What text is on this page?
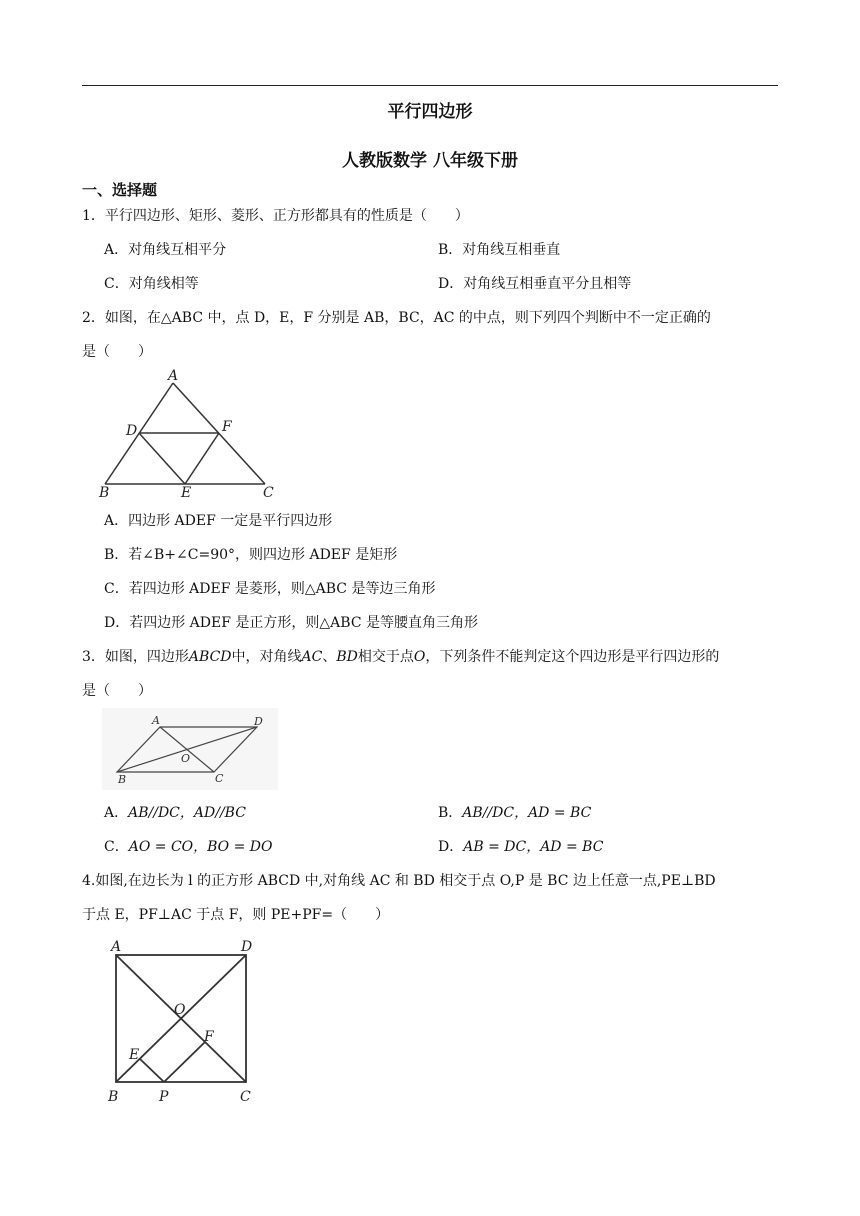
平行四边形
人教版数学 八年级下册
一、选择题
1．平行四边形、矩形、菱形、正方形都具有的性质是（　　）
A．对角线互相平分	B．对角线互相垂直
C．对角线相等	D．对角线互相垂直平分且相等
2．如图，在△ABC 中，点 D，E，F 分别是 AB，BC，AC 的中点，则下列四个判断中不一定正确的
是（　　）
A
D	F
B	E	C
A．四边形 ADEF 一定是平行四边形
B．若∠B+∠C=90°，则四边形 ADEF 是矩形
C．若四边形 ADEF 是菱形，则△ABC 是等边三角形
D．若四边形 ADEF 是正方形，则△ABC 是等腰直角三角形
3．如图，四边形ABCD中，对角线AC、BD相交于点O，下列条件不能判定这个四边形是平行四边形的
是（　　）
A	D
O
B	C
A．AB//DC，AD//BC	B．AB//DC，AD = BC
C．AO = CO，BO = DO	D．AB = DC，AD = BC
4.如图,在边长为 l 的正方形 ABCD 中,对角线 AC 和 BD 相交于点 O,P 是 BC 边上任意一点,PE⊥BD
于点 E，PF⊥AC 于点 F，则 PE+PF=（　　）
A	D
O
E
F
B	P	C
